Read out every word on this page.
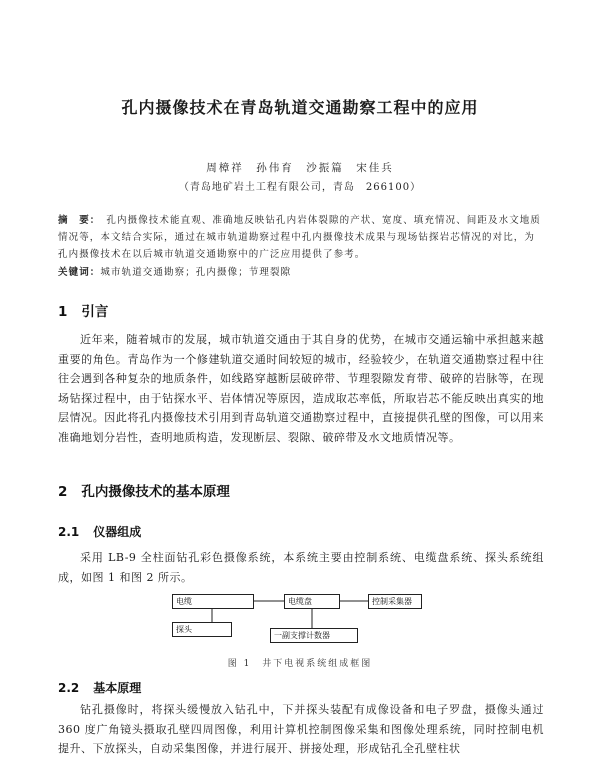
孔内摄像技术在青岛轨道交通勘察工程中的应用
周樟祥　孙伟育　沙振篇　宋佳兵
（青岛地矿岩土工程有限公司，青岛　266100）
摘　要： 孔内摄像技术能直观、准确地反映钻孔内岩体裂隙的产状、宽度、填充情况、间距及水文地质情况等，本文结合实际，通过在城市轨道勘察过程中孔内摄像技术成果与现场钻探岩芯情况的对比，为孔内摄像技术在以后城市轨道交通勘察中的广泛应用提供了参考。
关键词：城市轨道交通勘察；孔内摄像；节理裂隙
1 引言
近年来，随着城市的发展，城市轨道交通由于其自身的优势，在城市交通运输中承担越来越重要的角色。青岛作为一个修建轨道交通时间较短的城市，经验较少，在轨道交通勘察过程中往往会遇到各种复杂的地质条件，如线路穿越断层破碎带、节理裂隙发育带、破碎的岩脉等，在现场钻探过程中，由于钻探水平、岩体情况等原因，造成取芯率低，所取岩芯不能反映出真实的地层情况。因此将孔内摄像技术引用到青岛轨道交通勘察过程中，直接提供孔壁的图像，可以用来准确地划分岩性，查明地质构造，发现断层、裂隙、破碎带及水文地质情况等。
2 孔内摄像技术的基本原理
2.1 仪器组成
采用 LB-9 全柱面钻孔彩色摄像系统，本系统主要由控制系统、电缆盘系统、探头系统组成，如图 1 和图 2 所示。
电缆	电缆盘	控制采集器
探头
一副支撑计数器
图 1　井下电视系统组成框图
2.2 基本原理
钻孔摄像时，将探头缓慢放入钻孔中，下并探头装配有成像设备和电子罗盘，摄像头通过 360 度广角镜头摄取孔壁四周图像，利用计算机控制图像采集和图像处理系统，同时控制电机提升、下放探头，自动采集图像，并进行展开、拼接处理，形成钻孔全孔壁柱状
